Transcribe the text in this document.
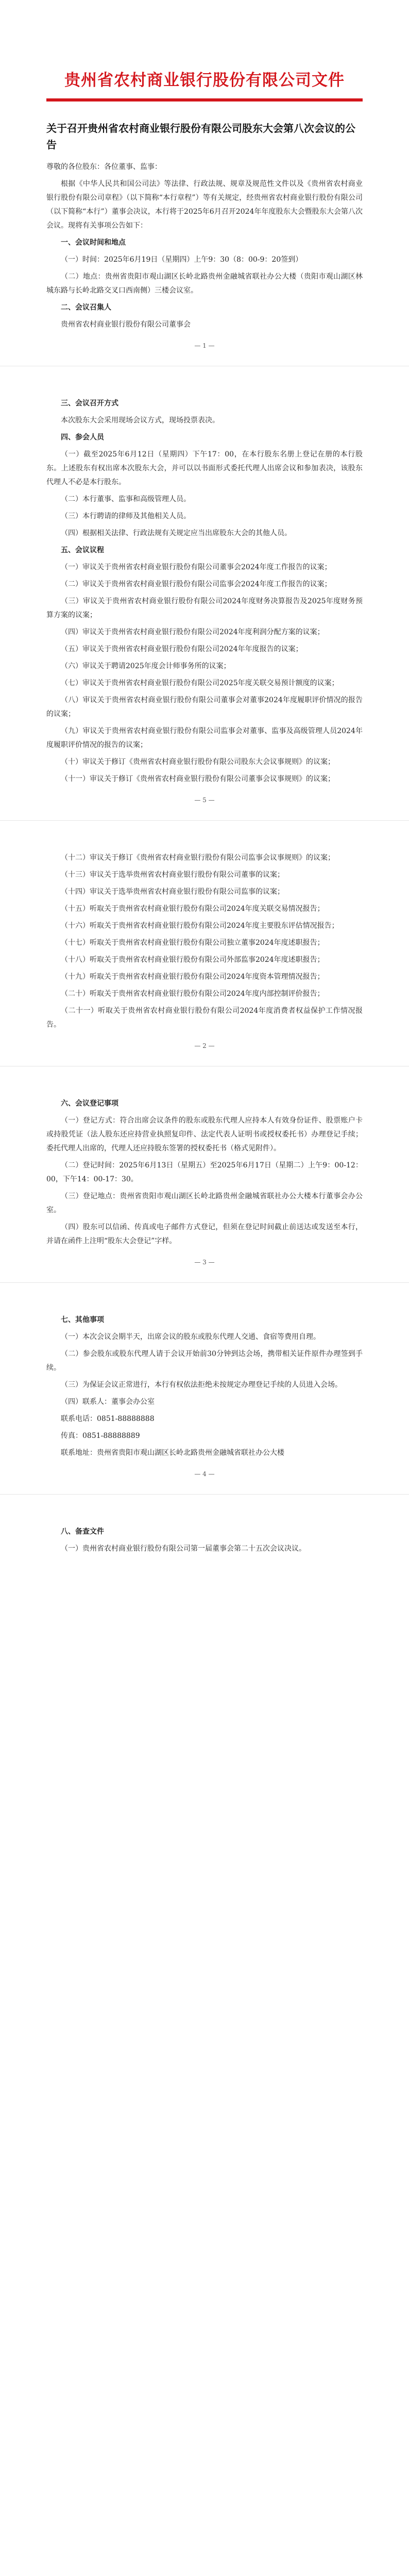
贵州省农村商业银行股份有限公司文件
关于召开贵州省农村商业银行股份有限公司股东大会第八次会议的公告

尊敬的各位股东：各位董事、监事：

根据《中华人民共和国公司法》等法律、行政法规、规章及规范性文件以及《贵州省农村商业银行股份有限公司章程》（以下简称“本行章程”）等有关规定，经贵州省农村商业银行股份有限公司（以下简称“本行”）董事会决议，本行将于2025年6月召开2024年年度股东大会暨股东大会第八次会议。现将有关事项公告如下：

一、会议时间和地点

（一）时间：2025年6月19日（星期四）上午9：30（8：00-9：20签到）

（二）地点：贵州省贵阳市观山湖区长岭北路贵州金融城省联社办公大楼（贵阳市观山湖区林城东路与长岭北路交叉口西南侧）三楼会议室。

二、会议召集人

贵州省农村商业银行股份有限公司董事会

— 1 —

三、会议召开方式

本次股东大会采用现场会议方式，现场投票表决。

四、参会人员

（一）截至2025年6月12日（星期四）下午17：00，在本行股东名册上登记在册的本行股东。上述股东有权出席本次股东大会，并可以以书面形式委托代理人出席会议和参加表决，该股东代理人不必是本行股东。

（二）本行董事、监事和高级管理人员。

（三）本行聘请的律师及其他相关人员。

（四）根据相关法律、行政法规有关规定应当出席股东大会的其他人员。

五、会议议程

（一）审议关于贵州省农村商业银行股份有限公司董事会2024年度工作报告的议案；

（二）审议关于贵州省农村商业银行股份有限公司监事会2024年度工作报告的议案；

（三）审议关于贵州省农村商业银行股份有限公司2024年度财务决算报告及2025年度财务预算方案的议案；

（四）审议关于贵州省农村商业银行股份有限公司2024年度利润分配方案的议案；

（五）审议关于贵州省农村商业银行股份有限公司2024年年度报告的议案；

（六）审议关于聘请2025年度会计师事务所的议案；

（七）审议关于贵州省农村商业银行股份有限公司2025年度关联交易预计额度的议案；

（八）审议关于贵州省农村商业银行股份有限公司董事会对董事2024年度履职评价情况的报告的议案；

（九）审议关于贵州省农村商业银行股份有限公司监事会对董事、监事及高级管理人员2024年度履职评价情况的报告的议案；

（十）审议关于修订《贵州省农村商业银行股份有限公司股东大会议事规则》的议案；

（十一）审议关于修订《贵州省农村商业银行股份有限公司董事会议事规则》的议案；

— 5 —

（十二）审议关于修订《贵州省农村商业银行股份有限公司监事会议事规则》的议案；

（十三）审议关于选举贵州省农村商业银行股份有限公司董事的议案；

（十四）审议关于选举贵州省农村商业银行股份有限公司监事的议案；

（十五）听取关于贵州省农村商业银行股份有限公司2024年度关联交易情况报告；

（十六）听取关于贵州省农村商业银行股份有限公司2024年度主要股东评估情况报告；

（十七）听取关于贵州省农村商业银行股份有限公司独立董事2024年度述职报告；

（十八）听取关于贵州省农村商业银行股份有限公司外部监事2024年度述职报告；

（十九）听取关于贵州省农村商业银行股份有限公司2024年度资本管理情况报告；

（二十）听取关于贵州省农村商业银行股份有限公司2024年度内部控制评价报告；

（二十一）听取关于贵州省农村商业银行股份有限公司2024年度消费者权益保护工作情况报告。

— 2 —

六、会议登记事项

（一）登记方式：符合出席会议条件的股东或股东代理人应持本人有效身份证件、股票账户卡或持股凭证（法人股东还应持营业执照复印件、法定代表人证明书或授权委托书）办理登记手续；委托代理人出席的，代理人还应持股东签署的授权委托书（格式见附件）。

（二）登记时间：2025年6月13日（星期五）至2025年6月17日（星期二）上午9：00-12：00，下午14：00-17：30。

（三）登记地点：贵州省贵阳市观山湖区长岭北路贵州金融城省联社办公大楼本行董事会办公室。

（四）股东可以信函、传真或电子邮件方式登记，但须在登记时间截止前送达或发送至本行，并请在函件上注明“股东大会登记”字样。

— 3 —

七、其他事项

（一）本次会议会期半天，出席会议的股东或股东代理人交通、食宿等费用自理。

（二）参会股东或股东代理人请于会议开始前30分钟到达会场，携带相关证件原件办理签到手续。

（三）为保证会议正常进行，本行有权依法拒绝未按规定办理登记手续的人员进入会场。

（四）联系人：董事会办公室

联系电话：0851-88888888

传真：0851-88888889

联系地址：贵州省贵阳市观山湖区长岭北路贵州金融城省联社办公大楼

— 4 —

八、备查文件

（一）贵州省农村商业银行股份有限公司第一届董事会第二十五次会议决议。
